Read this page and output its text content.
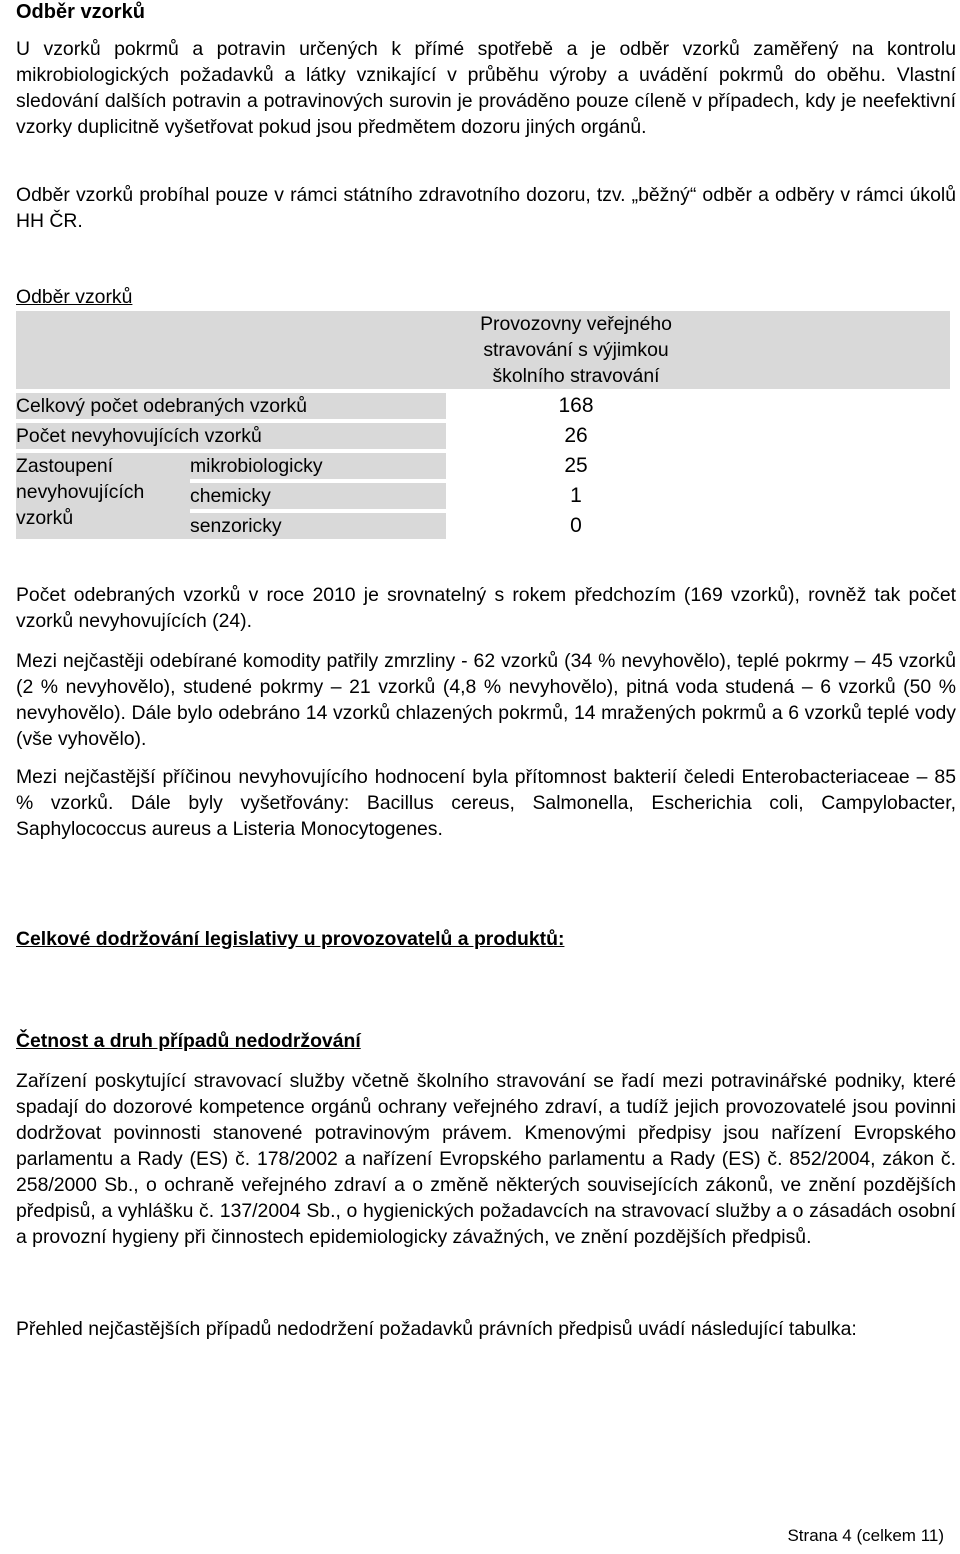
Odběr vzorků

U vzorků pokrmů a potravin určených k přímé spotřebě a je odběr vzorků zaměřený na kontrolu mikrobiologických požadavků a látky vznikající v průběhu výroby a uvádění pokrmů do oběhu. Vlastní sledování dalších potravin a potravinových surovin je prováděno pouze cíleně v případech, kdy je neefektivní vzorky duplicitně vyšetřovat pokud jsou předmětem dozoru jiných orgánů.

Odběr vzorků probíhal pouze v rámci státního zdravotního dozoru, tzv. „běžný“ odběr a odběry v rámci úkolů HH ČR.

Odběr vzorků

		Provozovny veřejného
stravování s výjimkou
školního stravování	

Celkový počet odebraných vzorků		168	
Počet nevyhovujících vzorků		26	

Zastoupení
nevyhovujících
vzorků	mikrobiologicky	25	
	chemicky	1	
	senzoricky	0	

Počet odebraných vzorků v roce 2010 je srovnatelný s rokem předchozím (169 vzorků), rovněž tak počet vzorků nevyhovujících (24).

Mezi nejčastěji odebírané komodity patřily zmrzliny - 62 vzorků (34 % nevyhovělo), teplé pokrmy – 45 vzorků (2 % nevyhovělo), studené pokrmy – 21 vzorků (4,8 % nevyhovělo), pitná voda studená – 6 vzorků (50 % nevyhovělo). Dále bylo odebráno 14 vzorků chlazených pokrmů, 14 mražených pokrmů a 6 vzorků teplé vody (vše vyhovělo).

Mezi nejčastější příčinou nevyhovujícího hodnocení byla přítomnost bakterií čeledi Enterobacteriaceae – 85 % vzorků. Dále byly vyšetřovány: Bacillus cereus, Salmonella, Escherichia coli, Campylobacter, Saphylococcus aureus a Listeria Monocytogenes.

Celkové dodržování legislativy u provozovatelů a produktů:
Četnost a druh případů nedodržování

Zařízení poskytující stravovací služby včetně školního stravování se řadí mezi potravinářské podniky, které spadají do dozorové kompetence orgánů ochrany veřejného zdraví, a tudíž jejich provozovatelé jsou povinni dodržovat povinnosti stanovené potravinovým právem. Kmenovými předpisy jsou nařízení Evropského parlamentu a Rady (ES) č. 178/2002 a nařízení Evropského parlamentu a Rady (ES) č. 852/2004, zákon č. 258/2000 Sb., o ochraně veřejného zdraví a o změně některých souvisejících zákonů, ve znění pozdějších předpisů, a vyhlášku č. 137/2004 Sb., o hygienických požadavcích na stravovací služby a o zásadách osobní a provozní hygieny při činnostech epidemiologicky závažných, ve znění pozdějších předpisů.

Přehled nejčastějších případů nedodržení požadavků právních předpisů uvádí následující tabulka:

Strana 4 (celkem 11)
